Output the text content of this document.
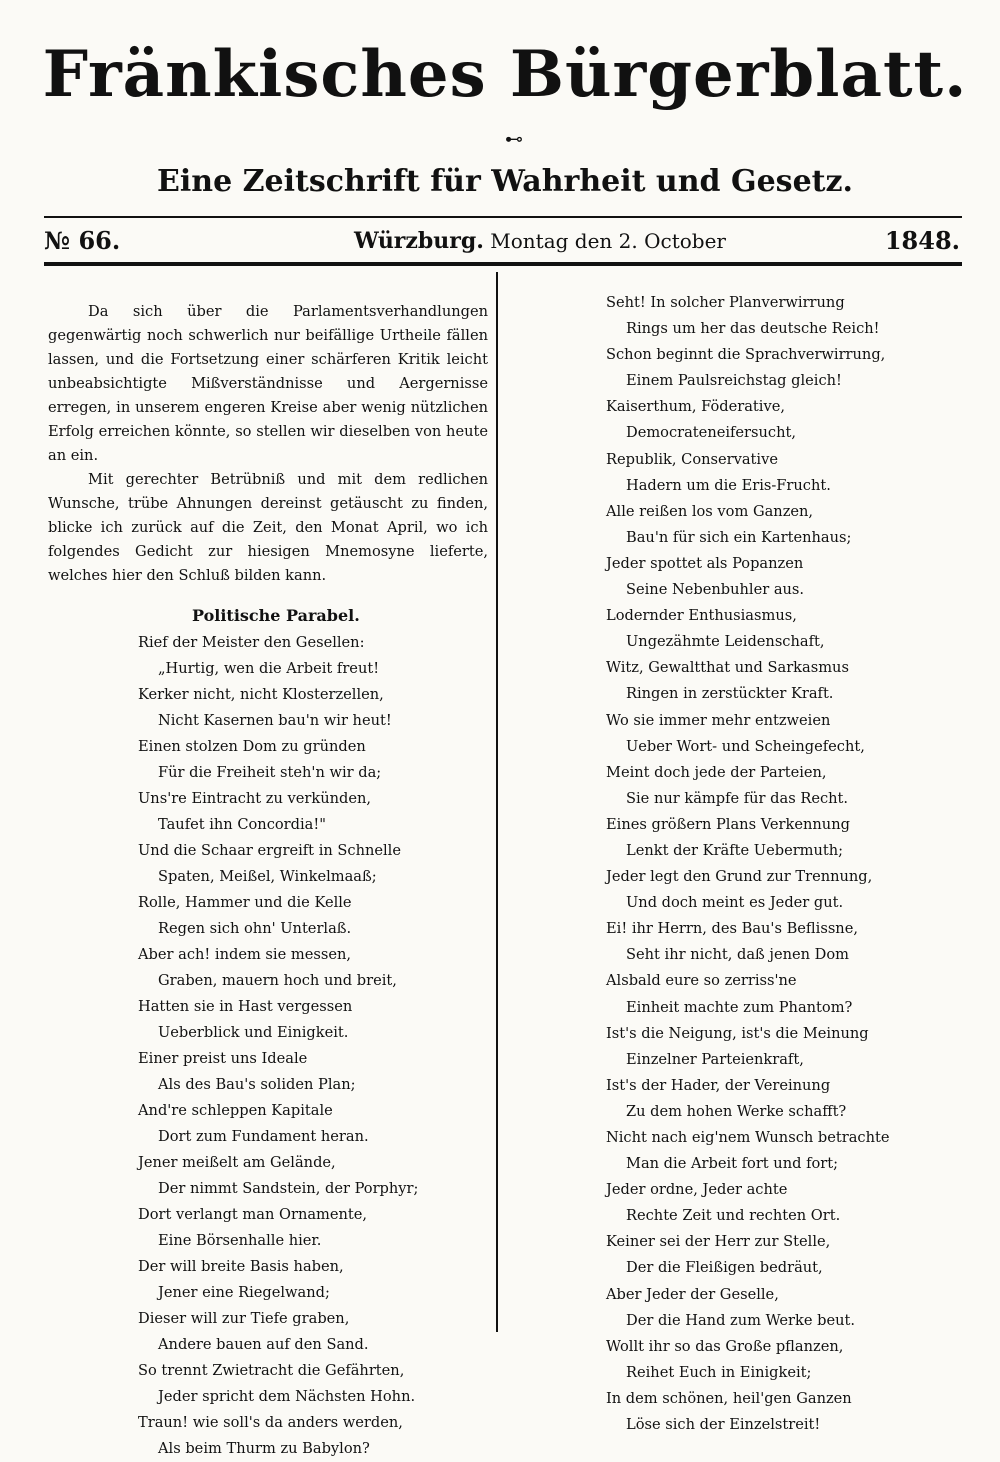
Fränkisches Bürgerblatt.
⊷
Eine Zeitschrift für Wahrheit und Gesetz.
№ 66.	Würzburg. Montag den 2. October	1848.

Da sich über die Parlamentsverhandlungen gegenwärtig noch schwerlich nur beifällige Urtheile fällen lassen, und die Fortsetzung einer schärferen Kritik leicht unbeabsichtigte Mißverständnisse und Aergernisse erregen, in unserem engeren Kreise aber wenig nützlichen Erfolg erreichen könnte, so stellen wir dieselben von heute an ein.

Mit gerechter Betrübniß und mit dem redlichen Wunsche, trübe Ahnungen dereinst getäuscht zu finden, blicke ich zurück auf die Zeit, den Monat April, wo ich folgendes Gedicht zur hiesigen Mnemosyne lieferte, welches hier den Schluß bilden kann.

Politische Parabel.
Rief der Meister den Gesellen:
„Hurtig, wen die Arbeit freut!
Kerker nicht, nicht Klosterzellen,
Nicht Kasernen bau'n wir heut!
Einen stolzen Dom zu gründen
Für die Freiheit steh'n wir da;
Uns're Eintracht zu verkünden,
Taufet ihn Concordia!"
Und die Schaar ergreift in Schnelle
Spaten, Meißel, Winkelmaaß;
Rolle, Hammer und die Kelle
Regen sich ohn' Unterlaß.
Aber ach! indem sie messen,
Graben, mauern hoch und breit,
Hatten sie in Hast vergessen
Ueberblick und Einigkeit.
Einer preist uns Ideale
Als des Bau's soliden Plan;
And're schleppen Kapitale
Dort zum Fundament heran.
Jener meißelt am Geländе,
Der nimmt Sandstein, der Porphyr;
Dort verlangt man Ornamente,
Eine Börsenhalle hier.
Der will breite Basis haben,
Jener eine Riegelwand;
Dieser will zur Tiefe graben,
Andere bauen auf den Sand.
So trennt Zwietracht die Gefährten,
Jeder spricht dem Nächsten Hohn.
Traun! wie soll's da anders werden,
Als beim Thurm zu Babylon?
Seht! In solcher Planverwirrung
Rings um her das deutsche Reich!
Schon beginnt die Sprachverwirrung,
Einem Paulsreichstag gleich!
Kaiserthum, Föderative,
Democrateneifersucht,
Republik, Conservative
Hadern um die Eris-Frucht.
Alle reißen los vom Ganzen,
Bau'n für sich ein Kartenhaus;
Jeder spottet als Popanzen
Seine Nebenbuhler aus.
Lodernder Enthusiasmus,
Ungezähmte Leidenschaft,
Witz, Gewaltthat und Sarkasmus
Ringen in zerstückter Kraft.
Wo sie immer mehr entzweien
Ueber Wort- und Scheingefecht,
Meint doch jede der Parteien,
Sie nur kämpfe für das Recht.
Eines größern Plans Verkennung
Lenkt der Kräfte Uebermuth;
Jeder legt den Grund zur Trennung,
Und doch meint es Jeder gut.
Ei! ihr Herrn, des Bau's Beflissne,
Seht ihr nicht, daß jenen Dom
Alsbald eure so zerriss'ne
Einheit machte zum Phantom?
Ist's die Neigung, ist's die Meinung
Einzelner Parteienkraft,
Ist's der Hader, der Vereinung
Zu dem hohen Werke schafft?
Nicht nach eig'nem Wunsch betrachte
Man die Arbeit fort und fort;
Jeder ordne, Jeder achte
Rechte Zeit und rechten Ort.
Keiner sei der Herr zur Stelle,
Der die Fleißigen bedräut,
Aber Jeder der Geselle,
Der die Hand zum Werke beut.
Wollt ihr so das Große pflanzen,
Reihet Euch in Einigkeit;
In dem schönen, heil'gen Ganzen
Löse sich der Einzelstreit!
